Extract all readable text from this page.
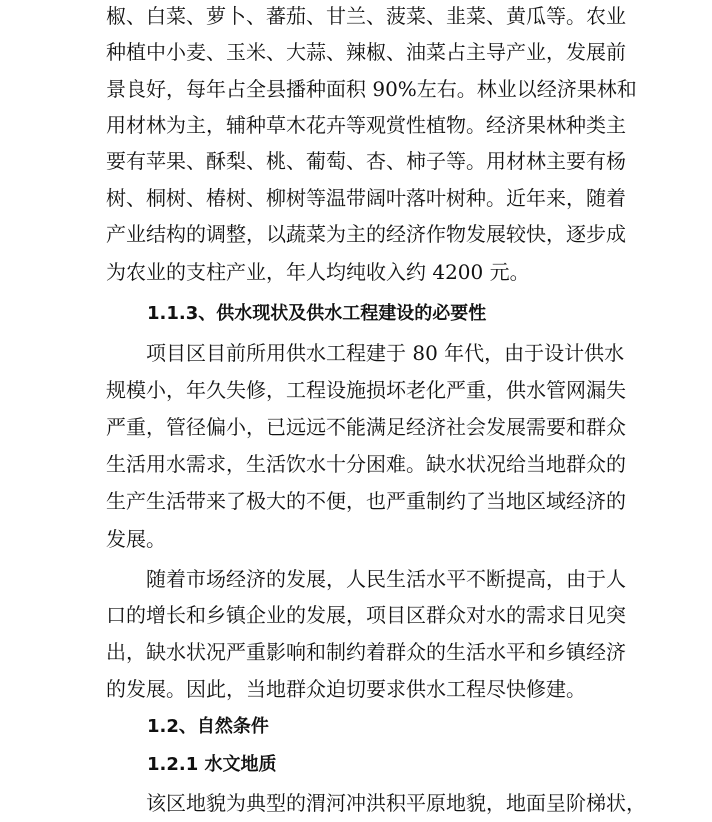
椒、白菜、萝卜、蕃茄、甘兰、菠菜、韭菜、黄瓜等。农业

种植中小麦、玉米、大蒜、辣椒、油菜占主导产业，发展前

景良好，每年占全县播种面积 90%左右。林业以经济果林和

用材林为主，辅种草木花卉等观赏性植物。经济果林种类主

要有苹果、酥梨、桃、葡萄、杏、柿子等。用材林主要有杨

树、桐树、椿树、柳树等温带阔叶落叶树种。近年来，随着

产业结构的调整，以蔬菜为主的经济作物发展较快，逐步成

为农业的支柱产业，年人均纯收入约 4200 元。

1.1.3、供水现状及供水工程建设的必要性

项目区目前所用供水工程建于 80 年代，由于设计供水

规模小，年久失修，工程设施损坏老化严重，供水管网漏失

严重，管径偏小，已远远不能满足经济社会发展需要和群众

生活用水需求，生活饮水十分困难。缺水状况给当地群众的

生产生活带来了极大的不便，也严重制约了当地区域经济的

发展。

随着市场经济的发展，人民生活水平不断提高，由于人

口的增长和乡镇企业的发展，项目区群众对水的需求日见突

出，缺水状况严重影响和制约着群众的生活水平和乡镇经济

的发展。因此，当地群众迫切要求供水工程尽快修建。

1.2、自然条件

1.2.1 水文地质

该区地貌为典型的渭河冲洪积平原地貌，地面呈阶梯状，
